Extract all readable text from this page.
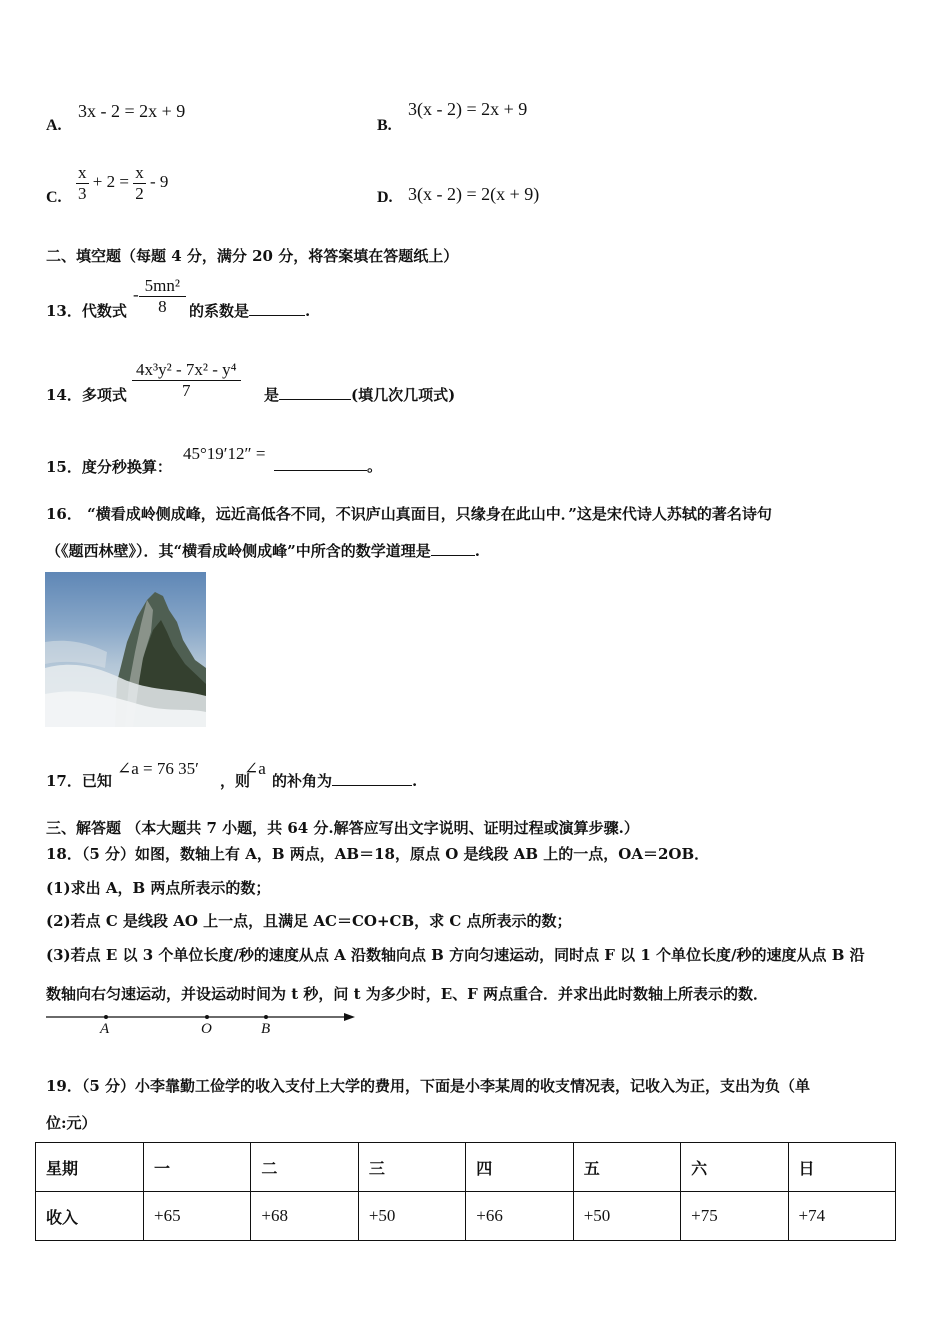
A.
3x - 2 = 2x + 9
B.
3(x - 2) = 2x + 9
C. $\frac{x}{3} + 2 = \frac{x}{2} - 9$
D. 3(x - 2) = 2(x + 9)
二、填空题（每题 4 分，满分 20 分，将答案填在答题纸上）
13．代数式
- $\frac{\text{5mn²}}{8}$ 的系数是	.
14．多项式 $\frac{\text{4x³y² - 7x² - y⁴}}{7}$ 是	(填几次几项式)
15．度分秒换算：
45°19′12″ =
。
16． “横看成岭侧成峰，远近高低各不同，不识庐山真面目，只缘身在此山中．”这是宋代诗人苏轼的著名诗句
（《题西林壁》）．其“横看成岭侧成峰”中所含的数学道理是	.
17．已知
∠a = 76 35′
，则
∠a
的补角为	.
三、解答题 （本大题共 7 小题，共 64 分.解答应写出文字说明、证明过程或演算步骤.）
18．（5 分）如图，数轴上有 A，B 两点，AB＝18，原点 O 是线段 AB 上的一点，OA＝2OB．
(1)求出 A，B 两点所表示的数；
(2)若点 C 是线段 AO 上一点，且满足 AC＝CO+CB，求 C 点所表示的数；
(3)若点 E 以 3 个单位长度/秒的速度从点 A 沿数轴向点 B 方向匀速运动，同时点 F 以 1 个单位长度/秒的速度从点 B 沿
数轴向右匀速运动，并设运动时间为 t 秒，问 t 为多少时，E、F 两点重合．并求出此时数轴上所表示的数．
A	O	B
19．（5 分）小李靠勤工俭学的收入支付上大学的费用，下面是小李某周的收支情况表，记收入为正，支出为负（单
位:元）
星期	一	二	三	四	五	六	日
收入	+65	+68	+50	+66	+50	+75	+74
